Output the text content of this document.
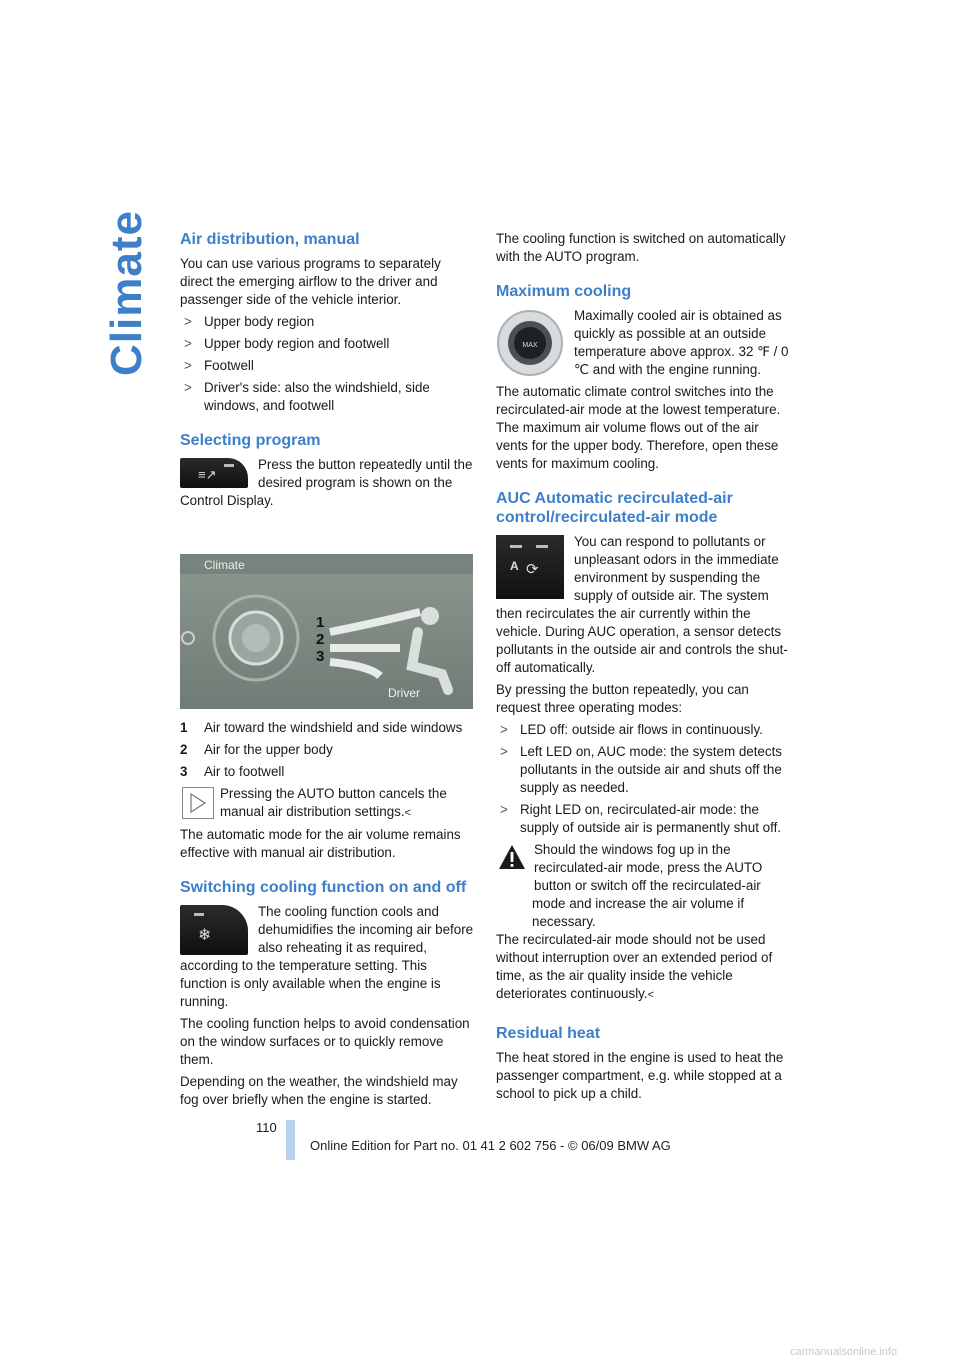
Climate Air distribution, manual

You can use various programs to separately direct the emerging airflow to the driver and passenger side of the vehicle interior.

> Upper body region
> Upper body region and footwell
> Footwell
> Driver's side: also the windshield, side windows, and footwell
Selecting program
≡↗

Press the button repeatedly until the desired program is shown on the Control Display.

Climate
1
2
3
Driver
1	Air toward the windshield and side windows
2	Air for the upper body
3	Air to footwell

Pressing the AUTO button cancels the manual air distribution settings.<

The automatic mode for the air volume remains effective with manual air distribution.

Switching cooling function on and off
❄

The cooling function cools and dehumidifies the incoming air before also reheating it as required, according to the temperature setting. This function is only available when the engine is running.

The cooling function helps to avoid condensation on the window surfaces or to quickly remove them.

Depending on the weather, the windshield may fog over briefly when the engine is started.

The cooling function is switched on automatically with the AUTO program.

Maximum cooling
MAX

Maximally cooled air is obtained as quickly as possible at an outside temperature above approx. 32 ℉ / 0 ℃ and with the engine running.

The automatic climate control switches into the recirculated-air mode at the lowest temperature. The maximum air volume flows out of the air vents for the upper body. Therefore, open these vents for maximum cooling.

AUC Automatic recirculated-air control/recirculated-air mode
A ⟳

You can respond to pollutants or unpleasant odors in the immediate environment by suspending the supply of outside air. The system then recirculates the air currently within the vehicle. During AUC operation, a sensor detects pollutants in the outside air and controls the shut-off automatically.

By pressing the button repeatedly, you can request three operating modes:

> LED off: outside air flows in continuously.
> Left LED on, AUC mode: the system detects pollutants in the outside air and shuts off the supply as needed.
> Right LED on, recirculated-air mode: the supply of outside air is permanently shut off.

Should the windows fog up in the recirculated-air mode, press the AUTO button or switch off the recirculated-air mode and increase the air volume if necessary.

The recirculated-air mode should not be used without interruption over an extended period of time, as the air quality inside the vehicle deteriorates continuously.<

Residual heat

The heat stored in the engine is used to heat the passenger compartment, e.g. while stopped at a school to pick up a child.

110
Online Edition for Part no. 01 41 2 602 756 - © 06/09 BMW AG
carmanualsonline.info
